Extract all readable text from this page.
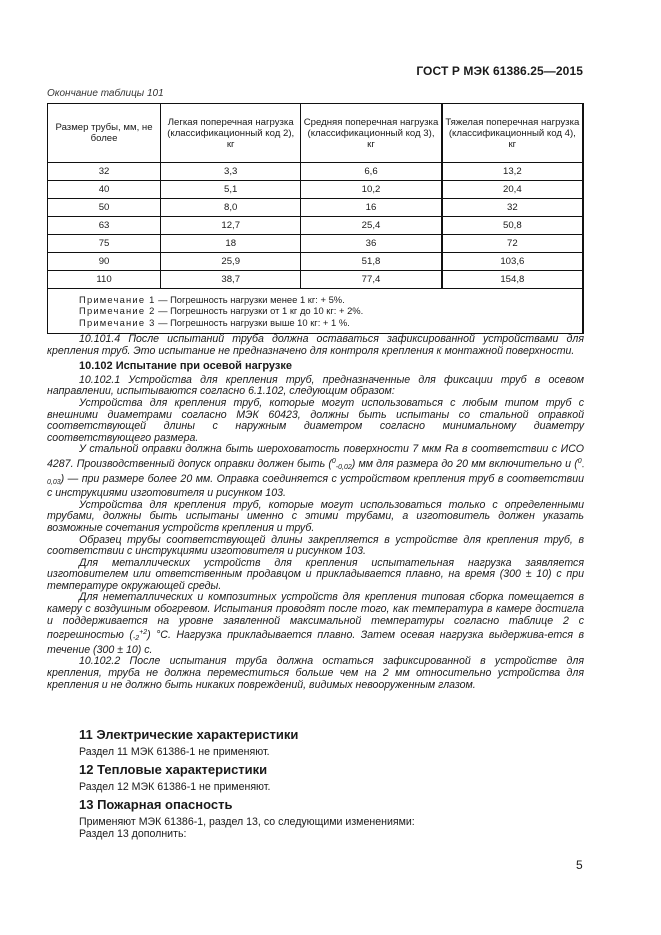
ГОСТ Р МЭК 61386.25—2015
Окончание таблицы 101
Размер трубы, мм, не более	Легкая поперечная нагрузка (классификационный код 2), кг	Средняя поперечная нагрузка (классификационный код 3), кг	Тяжелая поперечная нагрузка (классификационный код 4), кг
32	3,3	6,6	13,2
40	5,1	10,2	20,4
50	8,0	16	32
63	12,7	25,4	50,8
75	18	36	72
90	25,9	51,8	103,6
110	38,7	77,4	154,8

Примечание 1 — Погрешность нагрузки менее 1 кг: + 5%.
Примечание 2 — Погрешность нагрузки от 1 кг до 10 кг: + 2%.
Примечание 3 — Погрешность нагрузки выше 10 кг: + 1 %.			

10.101.4 После испытаний труба должна оставаться зафиксированной устройствами для крепления труб. Это испытание не предназначено для контроля крепления к монтажной поверхности.

10.102 Испытание при осевой нагрузке

10.102.1 Устройства для крепления труб, предназначенные для фиксации труб в осевом направлении, испытываются согласно 6.1.102, следующим образом:

Устройства для крепления труб, которые могут использоваться с любым типом труб с внешними диаметрами согласно МЭК 60423, должны быть испытаны со стальной оправкой соответствующей длины с наружным диаметром согласно минимальному диаметру соответствующего размера.

У стальной оправки должна быть шероховатость поверхности 7 мкм Ra в соответствии с ИСО 4287. Производственный допуск оправки должен быть ($^0_{-0,02}$) мм для размера до 20 мм включительно и ($^0_{-0,03}$) — при размере более 20 мм. Оправка соединяется с устройством крепления труб в соответствии с инструкциями изготовителя и рисунком 103.

Устройства для крепления труб, которые могут использоваться только с определенными трубами, должны быть испытаны именно с этими трубами, а изготовитель должен указать возможные сочетания устройств крепления и труб.

Образец трубы соответствующей длины закрепляется в устройстве для крепления труб, в соответствии с инструкциями изготовителя и рисунком 103.

Для металлических устройств для крепления испытательная нагрузка заявляется изготовителем или ответственным продавцом и прикладывается плавно, на время (300 ± 10) с при температуре окружающей среды.

Для неметаллических и композитных устройств для крепления типовая сборка помещается в камеру с воздушным обогревом. Испытания проводят после того, как температура в камере достигла и поддерживается на уровне заявленной максимальной температуры согласно таблице 2 с погрешностью $(_{-2}^{+2})$ °С. Нагрузка прикладывается плавно. Затем осевая нагрузка выдержива-ется в течение (300 ± 10) с.

10.102.2 После испытания труба должна остаться зафиксированной в устройстве для крепления, труба не должна переместиться больше чем на 2 мм относительно устройства для крепления и не должно быть никаких повреждений, видимых невооруженным глазом.

11 Электрические характеристики
Раздел 11 МЭК 61386-1 не применяют.
12 Тепловые характеристики
Раздел 12 МЭК 61386-1 не применяют.
13 Пожарная опасность
Применяют МЭК 61386-1, раздел 13, со следующими изменениями:
Раздел 13 дополнить:
5
